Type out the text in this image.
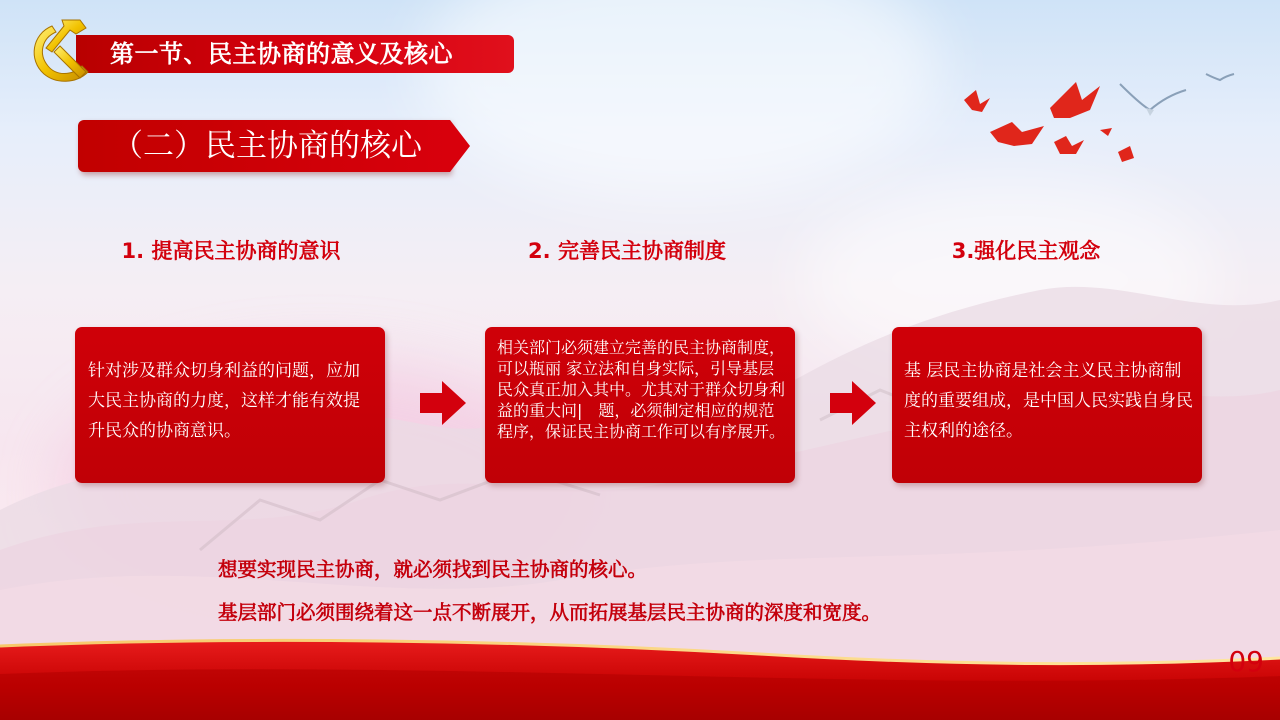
第一节、民主协商的意义及核心
（二）民主协商的核心
1. 提高民主协商的意识
针对涉及群众切身利益的问题，应加大民主协商的力度，这样才能有效提升民众的协商意识。
2. 完善民主协商制度
相关部门必须建立完善的民主协商制度，可以瓶丽 家立法和自身实际，引导基层民众真正加入其中。尤其对于群众切身利益的重大问|　题，必须制定相应的规范程序，保证民主协商工作可以有序展开。
3.强化民主观念
基 层民主协商是社会主义民主协商制度的重要组成，是中国人民实践自身民主权利的途径。
想要实现民主协商，就必须找到民主协商的核心。
基层部门必须围绕着这一点不断展开，从而拓展基层民主协商的深度和宽度。
09
